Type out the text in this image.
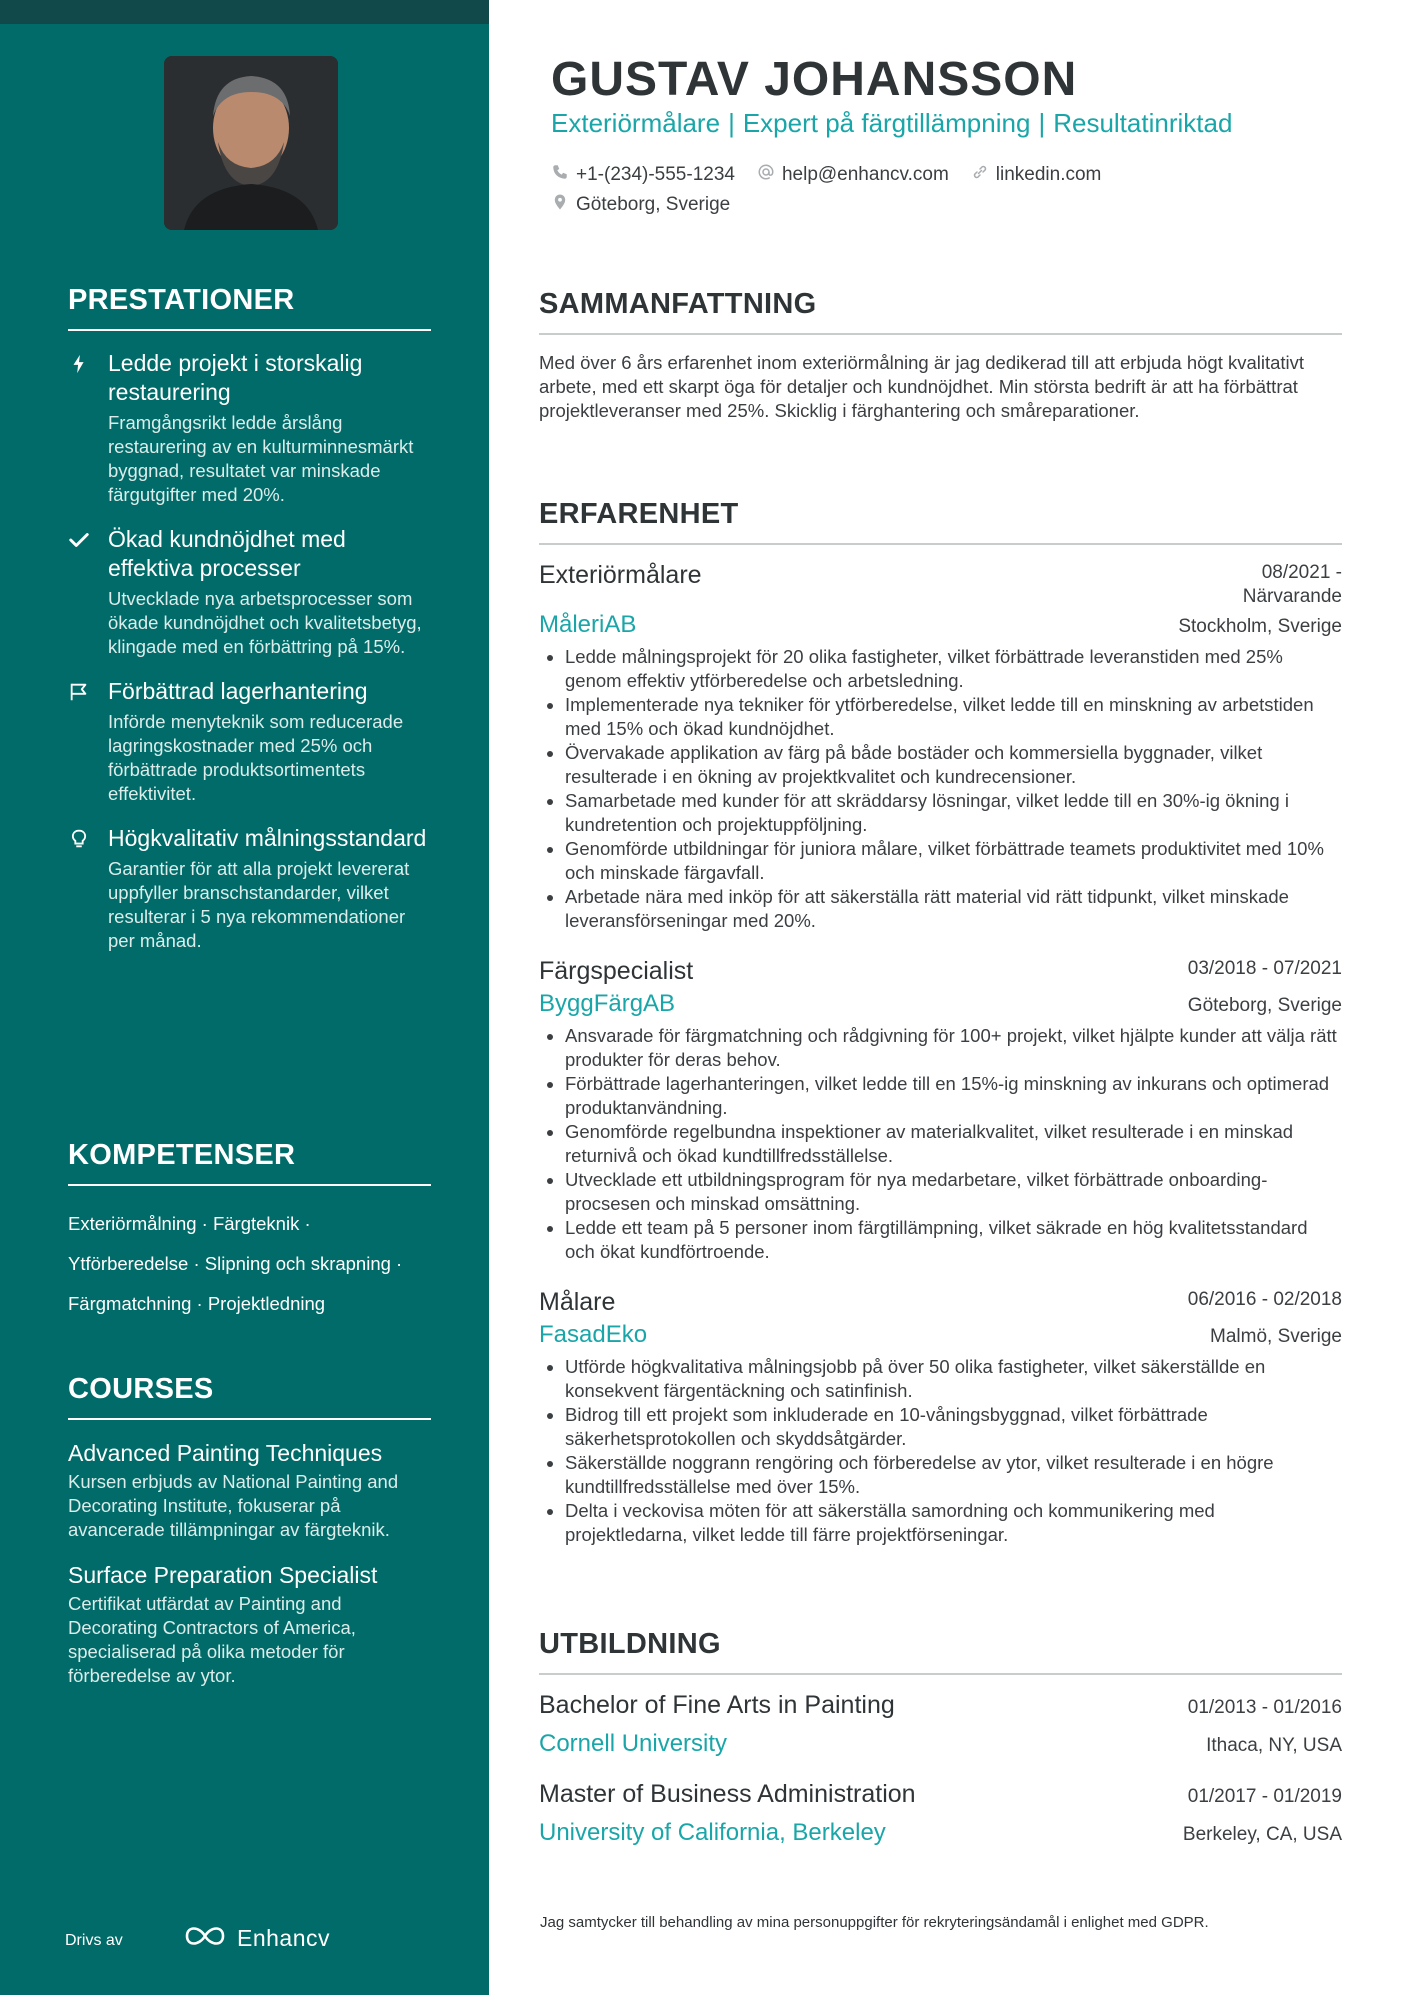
PRESTATIONER
Ledde projekt i storskalig restaurering
Framgångsrikt ledde årslång restaurering av en kulturminnesmärkt byggnad, resultatet var minskade färgutgifter med 20%.
Ökad kundnöjdhet med effektiva processer
Utvecklade nya arbetsprocesser som ökade kundnöjdhet och kvalitetsbetyg, klingade med en förbättring på 15%.
Förbättrad lagerhantering
Införde menyteknik som reducerade lagringskostnader med 25% och förbättrade produktsortimentets effektivitet.
Högkvalitativ målningsstandard
Garantier för att alla projekt levererat uppfyller branschstandarder, vilket resulterar i 5 nya rekommendationer per månad.
KOMPETENSER
Exteriörmålning · Färgteknik ·
Ytförberedelse · Slipning och skrapning ·
Färgmatchning · Projektledning
COURSES
Advanced Painting Techniques
Kursen erbjuds av National Painting and Decorating Institute, fokuserar på avancerade tillämpningar av färgteknik.
Surface Preparation Specialist
Certifikat utfärdat av Painting and Decorating Contractors of America, specialiserad på olika metoder för förberedelse av ytor.
Drivs av	Enhancv
GUSTAV JOHANSSON
Exteriörmålare | Expert på färgtillämpning | Resultatinriktad
+1-(234)-555-1234 help@enhancv.com linkedin.com
Göteborg, Sverige
SAMMANFATTNING
Med över 6 års erfarenhet inom exteriörmålning är jag dedikerad till att erbjuda högt kvalitativt arbete, med ett skarpt öga för detaljer och kundnöjdhet. Min största bedrift är att ha förbättrat projektleveranser med 25%. Skicklig i färghantering och småreparationer.
ERFARENHET
Exteriörmålare	08/2021 - Närvarande
MåleriAB	Stockholm, Sverige
• Ledde målningsprojekt för 20 olika fastigheter, vilket förbättrade leveranstiden med 25% genom effektiv ytförberedelse och arbetsledning.
• Implementerade nya tekniker för ytförberedelse, vilket ledde till en minskning av arbetstiden med 15% och ökad kundnöjdhet.
• Övervakade applikation av färg på både bostäder och kommersiella byggnader, vilket resulterade i en ökning av projektkvalitet och kundrecensioner.
• Samarbetade med kunder för att skräddarsy lösningar, vilket ledde till en 30%-ig ökning i kundretention och projektuppföljning.
• Genomförde utbildningar för juniora målare, vilket förbättrade teamets produktivitet med 10% och minskade färgavfall.
• Arbetade nära med inköp för att säkerställa rätt material vid rätt tidpunkt, vilket minskade leveransförseningar med 20%.
Färgspecialist	03/2018 - 07/2021
ByggFärgAB	Göteborg, Sverige
• Ansvarade för färgmatchning och rådgivning för 100+ projekt, vilket hjälpte kunder att välja rätt produkter för deras behov.
• Förbättrade lagerhanteringen, vilket ledde till en 15%-ig minskning av inkurans och optimerad produktanvändning.
• Genomförde regelbundna inspektioner av materialkvalitet, vilket resulterade i en minskad returnivå och ökad kundtillfredsställelse.
• Utvecklade ett utbildningsprogram för nya medarbetare, vilket förbättrade onboarding-procsesen och minskad omsättning.
• Ledde ett team på 5 personer inom färgtillämpning, vilket säkrade en hög kvalitetsstandard och ökat kundförtroende.
Målare	06/2016 - 02/2018
FasadEko	Malmö, Sverige
• Utförde högkvalitativa målningsjobb på över 50 olika fastigheter, vilket säkerställde en konsekvent färgentäckning och satinfinish.
• Bidrog till ett projekt som inkluderade en 10-våningsbyggnad, vilket förbättrade säkerhetsprotokollen och skyddsåtgärder.
• Säkerställde noggrann rengöring och förberedelse av ytor, vilket resulterade i en högre kundtillfredsställelse med över 15%.
• Delta i veckovisa möten för att säkerställa samordning och kommunikering med projektledarna, vilket ledde till färre projektförseningar.
UTBILDNING
Bachelor of Fine Arts in Painting	01/2013 - 01/2016
Cornell University	Ithaca, NY, USA
Master of Business Administration	01/2017 - 01/2019
University of California, Berkeley	Berkeley, CA, USA
Jag samtycker till behandling av mina personuppgifter för rekryteringsändamål i enlighet med GDPR.
